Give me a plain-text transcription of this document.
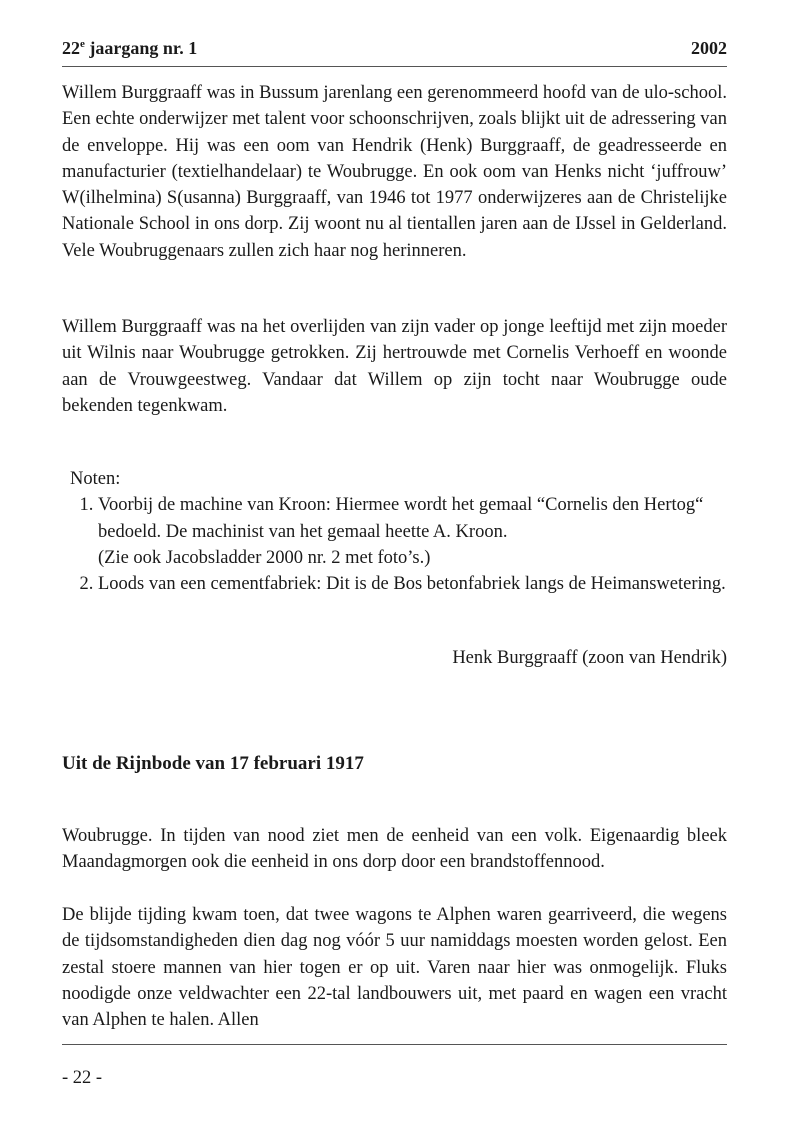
22e jaargang nr. 1	2002

Willem Burggraaff was in Bussum jarenlang een gerenommeerd hoofd van de ulo-school. Een echte onderwijzer met talent voor schoonschrijven, zoals blijkt uit de adressering van de enveloppe. Hij was een oom van Hendrik (Henk) Burggraaff, de geadresseerde en manufacturier (textielhandelaar) te Woubrugge. En ook oom van Henks nicht ‘juffrouw’ W(ilhelmina) S(usanna) Burggraaff, van 1946 tot 1977 onderwijzeres aan de Christelijke Nationale School in ons dorp. Zij woont nu al tientallen jaren aan de IJssel in Gelderland. Vele Woubruggenaars zullen zich haar nog herinneren.

Willem Burggraaff was na het overlijden van zijn vader op jonge leeftijd met zijn moeder uit Wilnis naar Woubrugge getrokken. Zij hertrouwde met Cornelis Verhoeff en woonde aan de Vrouwgeestweg. Vandaar dat Willem op zijn tocht naar Woubrugge oude bekenden tegenkwam.

Noten:

1. Voorbij de machine van Kroon: Hiermee wordt het gemaal “Cornelis den Hertog“ bedoeld. De machinist van het gemaal heette A. Kroon.
(Zie ook Jacobsladder 2000 nr. 2 met foto’s.)
2. Loods van een cementfabriek: Dit is de Bos betonfabriek langs de Heimanswetering.
Henk Burggraaff (zoon van Hendrik)
Uit de Rijnbode van 17 februari 1917

Woubrugge. In tijden van nood ziet men de eenheid van een volk. Eigenaardig bleek Maandagmorgen ook die eenheid in ons dorp door een brandstoffennood.

De blijde tijding kwam toen, dat twee wagons te Alphen waren gearriveerd, die wegens de tijdsomstandigheden dien dag nog vóór 5 uur namiddags moesten worden gelost. Een zestal stoere mannen van hier togen er op uit. Varen naar hier was onmogelijk. Fluks noodigde onze veldwachter een 22-tal landbouwers uit, met paard en wagen een vracht van Alphen te halen. Allen

- 22 -
